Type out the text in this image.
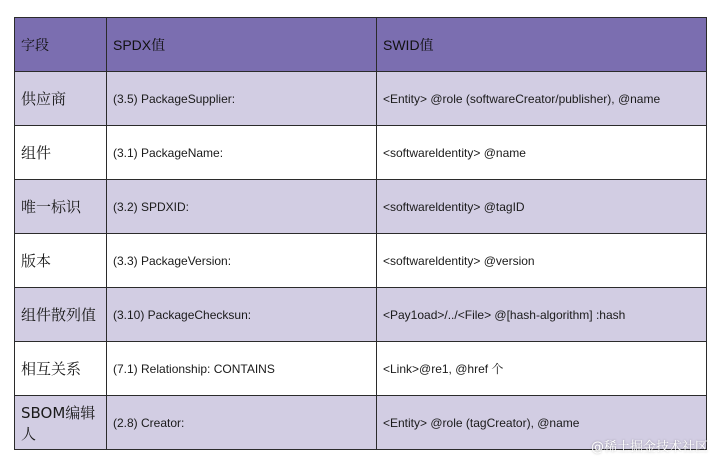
字段	SPDX值	SWID值
供应商	(3.5) PackageSupplier:	<Entity> @role (softwareCreator/publisher), @name
组件	(3.1) PackageName:	<softwareldentity> @name
唯一标识	(3.2) SPDXID:	<softwareldentity> @tagID
版本	(3.3) PackageVersion:	<softwareldentity> @version
组件散列值	(3.10) PackageChecksun:	<Pay1oad>/../<File> @[hash-algorithm] :hash
相互关系	(7.1) Relationship: CONTAINS	<Link>@re1, @href 个
SBOM编辑人	(2.8) Creator:	<Entity> @role (tagCreator), @name
@稀土掘金技术社区
